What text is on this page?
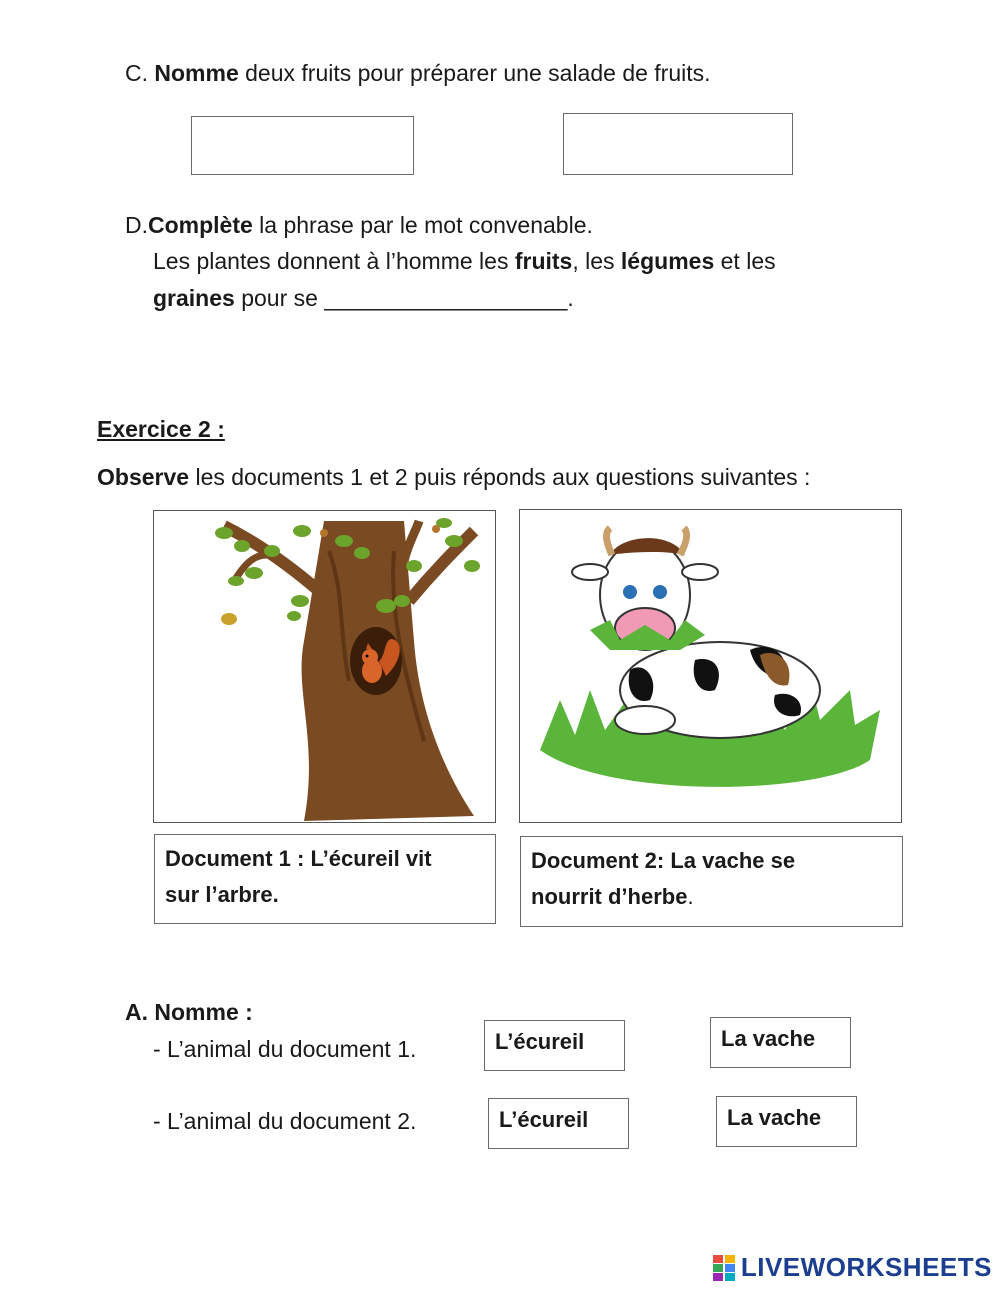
C. Nomme deux fruits pour préparer une salade de fruits.
D.Complète la phrase par le mot convenable.
Les plantes donnent à l’homme les fruits, les légumes et les
graines pour se ___________________.
Exercice 2 :
Observe les documents 1 et 2 puis réponds aux questions suivantes :
Document 1 : L’écureil vit
sur l’arbre.
Document 2: La vache se
nourrit d’herbe.
A. Nomme :
- L’animal du document 1.
- L’animal du document 2.
L’écureil	La vache
L’écureil	La vache
LIVEWORKSHEETS
